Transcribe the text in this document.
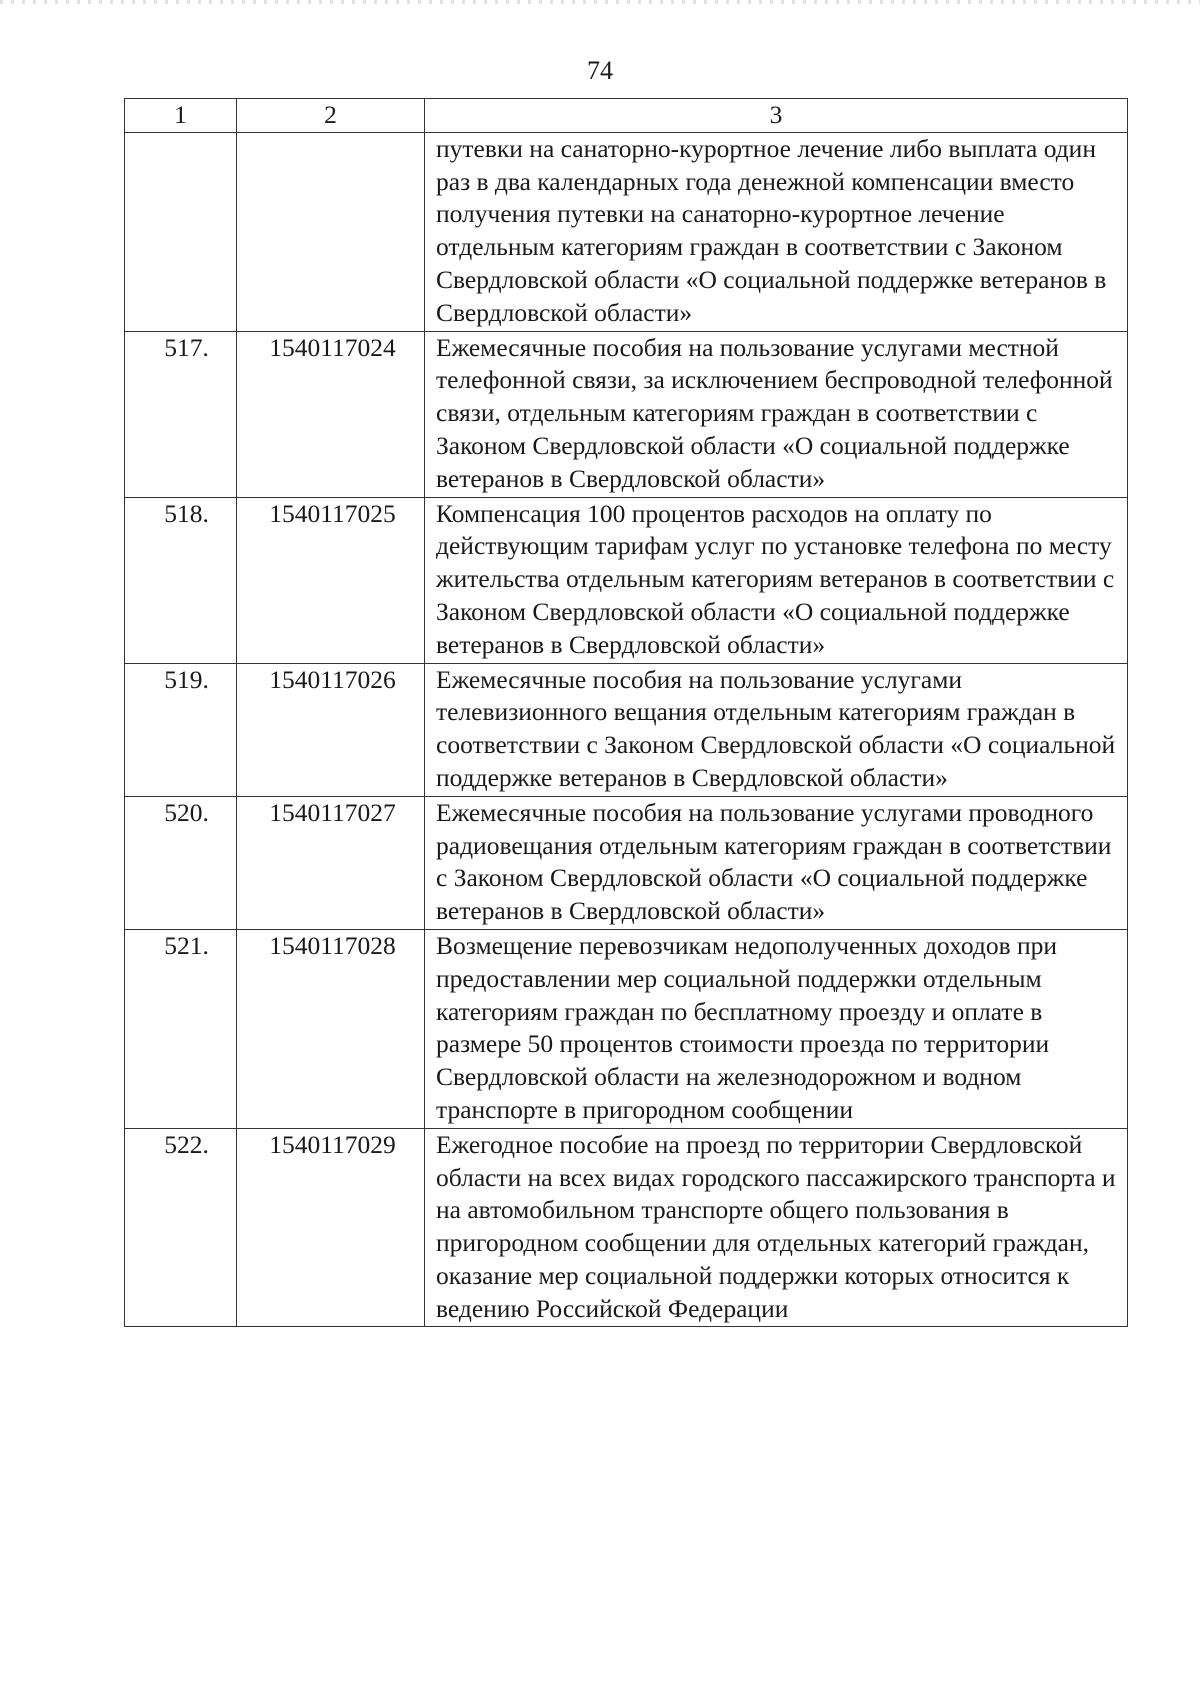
74
1	2	3
		путевки на санаторно-курортное лечение либо выплата один раз в два календарных года денежной компенсации вместо получения путевки на санаторно-курортное лечение отдельным категориям граждан в соответствии с Законом Свердловской области «О социальной поддержке ветеранов в Свердловской области»
517.	1540117024	Ежемесячные пособия на пользование услугами местной телефонной связи, за исключением беспроводной телефонной связи, отдельным категориям граждан в соответствии с Законом Свердловской области «О социальной поддержке ветеранов в Свердловской области»
518.	1540117025	Компенсация 100 процентов расходов на оплату по действующим тарифам услуг по установке телефона по месту жительства отдельным категориям ветеранов в соответствии с Законом Свердловской области «О социальной поддержке ветеранов в Свердловской области»
519.	1540117026	Ежемесячные пособия на пользование услугами телевизионного вещания отдельным категориям граждан в соответствии с Законом Свердловской области «О социальной поддержке ветеранов в Свердловской области»
520.	1540117027	Ежемесячные пособия на пользование услугами проводного радиовещания отдельным категориям граждан в соответствии с Законом Свердловской области «О социальной поддержке ветеранов в Свердловской области»
521.	1540117028	Возмещение перевозчикам недополученных доходов при предоставлении мер социальной поддержки отдельным категориям граждан по бесплатному проезду и оплате в размере 50 процентов стоимости проезда по территории Свердловской области на железнодорожном и водном транспорте в пригородном сообщении
522.	1540117029	Ежегодное пособие на проезд по территории Свердловской области на всех видах городского пассажирского транспорта и на автомобильном транспорте общего пользования в пригородном сообщении для отдельных категорий граждан, оказание мер социальной поддержки которых относится к ведению Российской Федерации
